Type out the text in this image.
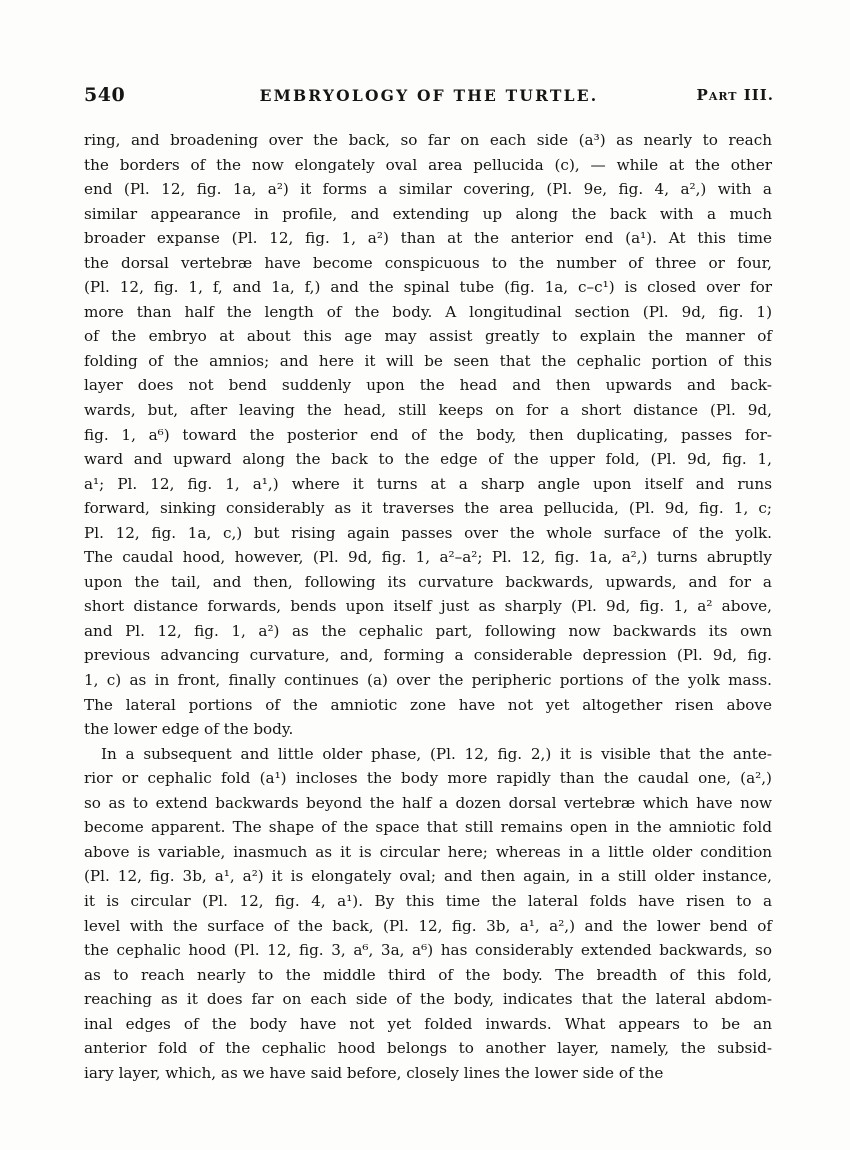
540	EMBRYOLOGY OF THE TURTLE.	Part III.
ring, and broadening over the back, so far on each side (a³) as nearly to reach
the borders of the now elongately oval area pellucida (c), — while at the other
end (Pl. 12, fig. 1a, a²) it forms a similar covering, (Pl. 9e, fig. 4, a²,) with a
similar appearance in profile, and extending up along the back with a much
broader expanse (Pl. 12, fig. 1, a²) than at the anterior end (a¹). At this time
the dorsal vertebræ have become conspicuous to the number of three or four,
(Pl. 12, fig. 1, f, and 1a, f,) and the spinal tube (fig. 1a, c–c¹) is closed over for
more than half the length of the body. A longitudinal section (Pl. 9d, fig. 1)
of the embryo at about this age may assist greatly to explain the manner of
folding of the amnios; and here it will be seen that the cephalic portion of this
layer does not bend suddenly upon the head and then upwards and back-
wards, but, after leaving the head, still keeps on for a short distance (Pl. 9d,
fig. 1, a⁶) toward the posterior end of the body, then duplicating, passes for-
ward and upward along the back to the edge of the upper fold, (Pl. 9d, fig. 1,
a¹; Pl. 12, fig. 1, a¹,) where it turns at a sharp angle upon itself and runs
forward, sinking considerably as it traverses the area pellucida, (Pl. 9d, fig. 1, c;
Pl. 12, fig. 1a, c,) but rising again passes over the whole surface of the yolk.
The caudal hood, however, (Pl. 9d, fig. 1, a²–a²; Pl. 12, fig. 1a, a²,) turns abruptly
upon the tail, and then, following its curvature backwards, upwards, and for a
short distance forwards, bends upon itself just as sharply (Pl. 9d, fig. 1, a² above,
and Pl. 12, fig. 1, a²) as the cephalic part, following now backwards its own
previous advancing curvature, and, forming a considerable depression (Pl. 9d, fig.
1, c) as in front, finally continues (a) over the peripheric portions of the yolk mass.
The lateral portions of the amniotic zone have not yet altogether risen above
the lower edge of the body.
In a subsequent and little older phase, (Pl. 12, fig. 2,) it is visible that the ante-
rior or cephalic fold (a¹) incloses the body more rapidly than the caudal one, (a²,)
so as to extend backwards beyond the half a dozen dorsal vertebræ which have now
become apparent. The shape of the space that still remains open in the amniotic fold
above is variable, inasmuch as it is circular here; whereas in a little older condition
(Pl. 12, fig. 3b, a¹, a²) it is elongately oval; and then again, in a still older instance,
it is circular (Pl. 12, fig. 4, a¹). By this time the lateral folds have risen to a
level with the surface of the back, (Pl. 12, fig. 3b, a¹, a²,) and the lower bend of
the cephalic hood (Pl. 12, fig. 3, a⁶, 3a, a⁶) has considerably extended backwards, so
as to reach nearly to the middle third of the body. The breadth of this fold,
reaching as it does far on each side of the body, indicates that the lateral abdom-
inal edges of the body have not yet folded inwards. What appears to be an
anterior fold of the cephalic hood belongs to another layer, namely, the subsid-
iary layer, which, as we have said before, closely lines the lower side of the
